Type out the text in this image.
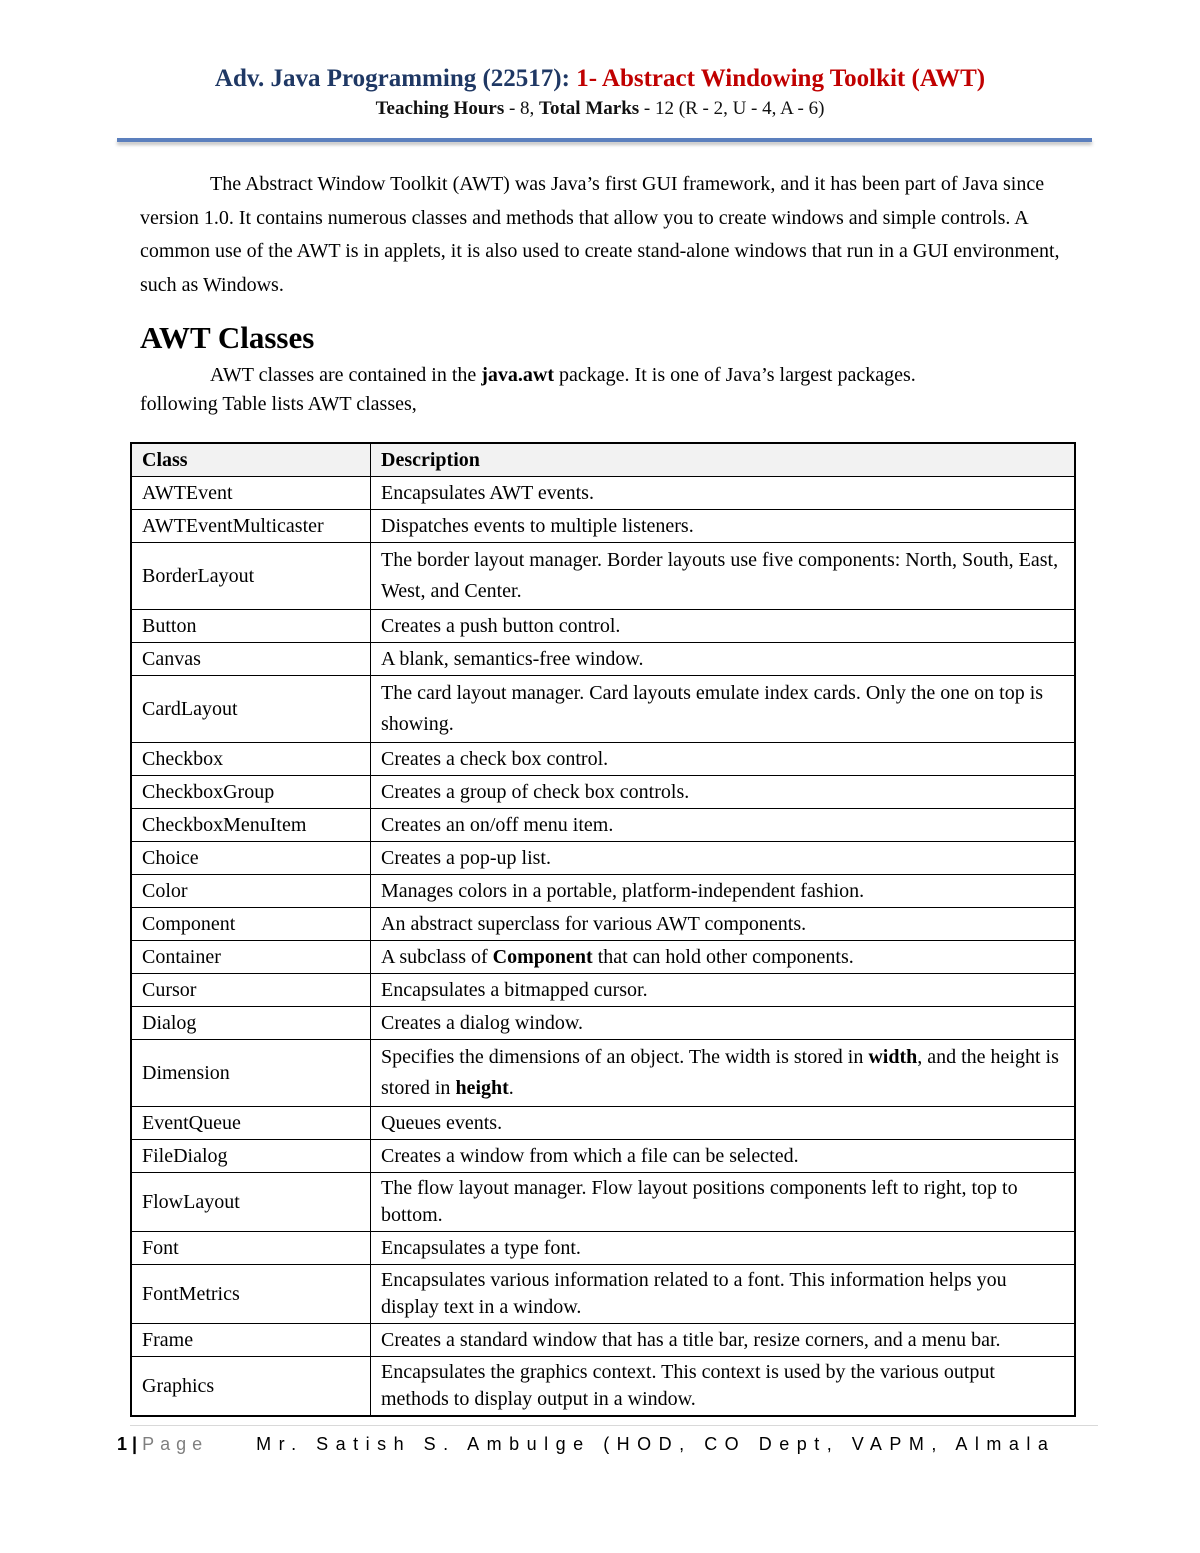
Adv. Java Programming (22517): 1- Abstract Windowing Toolkit (AWT)
Teaching Hours - 8, Total Marks - 12 (R - 2, U - 4, A - 6)

The Abstract Window Toolkit (AWT) was Java’s first GUI framework, and it has been part of Java since version 1.0. It contains numerous classes and methods that allow you to create windows and simple controls. A common use of the AWT is in applets, it is also used to create stand-alone windows that run in a GUI environment, such as Windows.

AWT Classes

AWT classes are contained in the java.awt package. It is one of Java’s largest packages.

following Table lists AWT classes,

Class	Description
AWTEvent	Encapsulates AWT events.
AWTEventMulticaster	Dispatches events to multiple listeners.
BorderLayout	The border layout manager. Border layouts use five components: North, South, East, West, and Center.
Button	Creates a push button control.
Canvas	A blank, semantics-free window.
CardLayout	The card layout manager. Card layouts emulate index cards. Only the one on top is showing.
Checkbox	Creates a check box control.
CheckboxGroup	Creates a group of check box controls.
CheckboxMenuItem	Creates an on/off menu item.
Choice	Creates a pop-up list.
Color	Manages colors in a portable, platform-independent fashion.
Component	An abstract superclass for various AWT components.
Container	A subclass of Component that can hold other components.
Cursor	Encapsulates a bitmapped cursor.
Dialog	Creates a dialog window.
Dimension	Specifies the dimensions of an object. The width is stored in width, and the height is stored in height.
EventQueue	Queues events.
FileDialog	Creates a window from which a file can be selected.
FlowLayout	The flow layout manager. Flow layout positions components left to right, top to bottom.
Font	Encapsulates a type font.
FontMetrics	Encapsulates various information related to a font. This information helps you display text in a window.
Frame	Creates a standard window that has a title bar, resize corners, and a menu bar.
Graphics	Encapsulates the graphics context. This context is used by the various output methods to display output in a window.
1 | Page	Mr. Satish S. Ambulge (HOD, CO Dept, VAPM, Almala
